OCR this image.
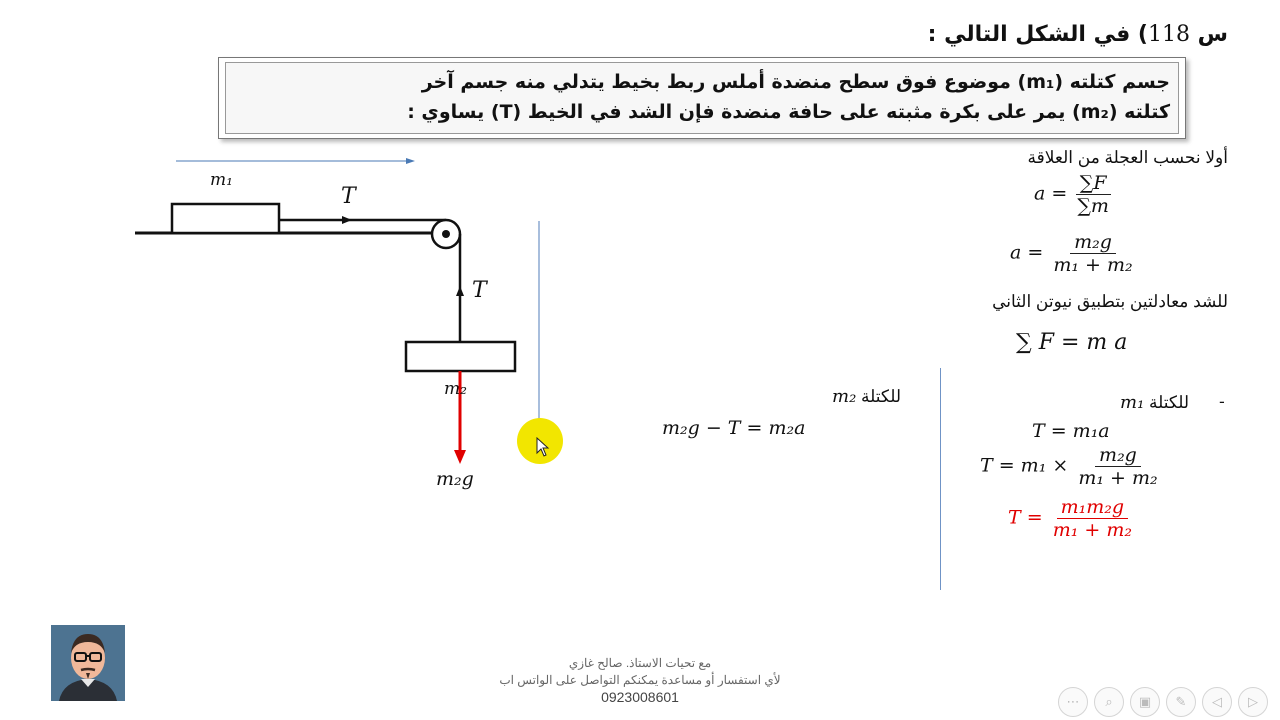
س 118) في الشكل التالي :
جسم كتلته (m₁) موضوع فوق سطح منضدة أملس ربط بخيط يتدلي منه جسم آخر
كتلته (m₂) يمر على بكرة مثبته على حافة منضدة فإن الشد في الخيط (T) يساوي :
m₁
T
T
m₂
m₂g
أولا نحسب العجلة من العلاقة
$a = \frac{\sum F}{\sum m}$
$a = \frac{\text{m₂g}}{\text{m₁ + m₂}}$
للشد معادلتين بتطبيق نيوتن الثاني
∑ F = m a
للكتلة m₁	-
للكتلة m₂
m₂g − T = m₂a	T = m₁a
$T = m_1 \times \frac{\text{m₂g}}{\text{m₁ + m₂}}$
$T = \frac{\text{m₁m₂g}}{\text{m₁ + m₂}}$
مع تحيات الاستاذ. صالح غازي
لأي استفسار أو مساعدة يمكنكم التواصل على الواتس اب
0923008601	⋯ ⌕ ▣ ✎ ◁ ▷
